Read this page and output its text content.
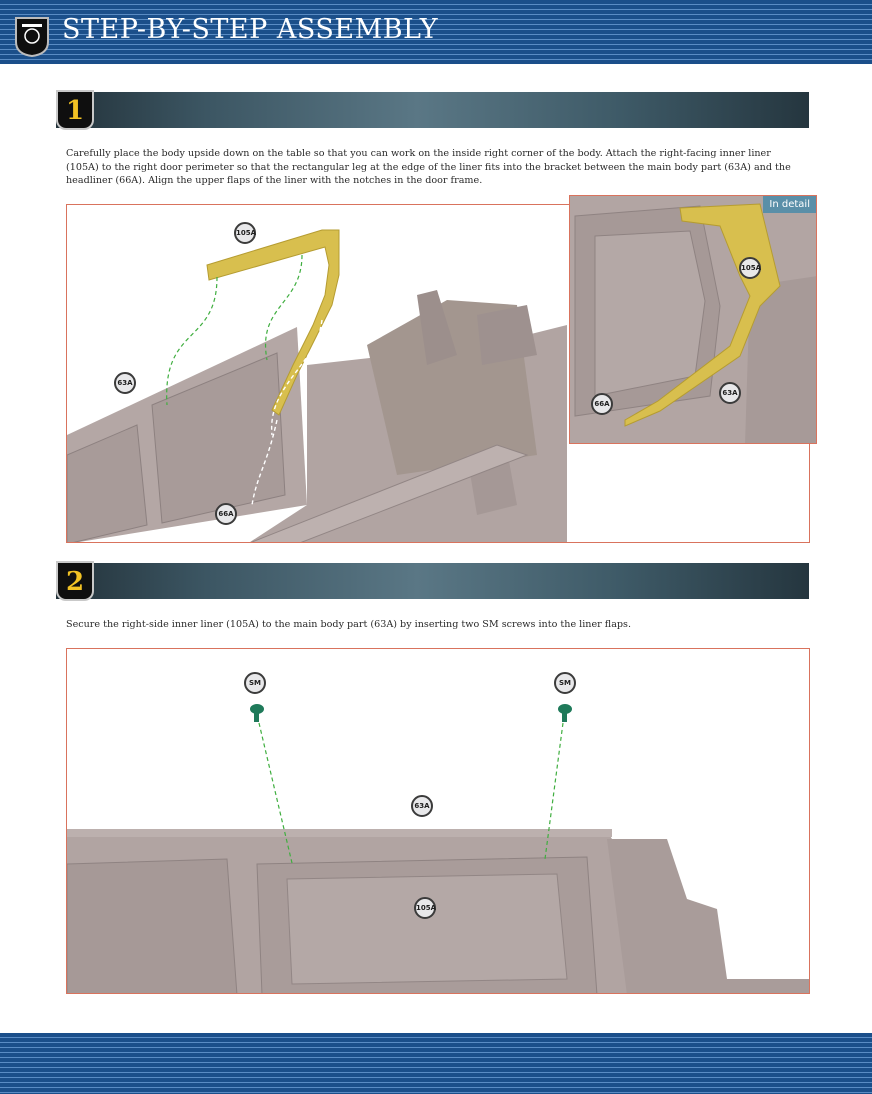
STEP-BY-STEP ASSEMBLY
1

Carefully place the body upside down on the table so that you can work on the inside right corner of the body. Attach the right-facing inner liner (105A) to the right door perimeter so that the rectangular leg at the edge of the liner fits into the bracket between the main body part (63A) and the headliner (66A). Align the upper flaps of the liner with the notches in the door frame.

105A
63A
66A
In detail
105A
63A
66A
2

Secure the right-side inner liner (105A) to the main body part (63A) by inserting two SM screws into the liner flaps.

SM	SM
63A
105A
